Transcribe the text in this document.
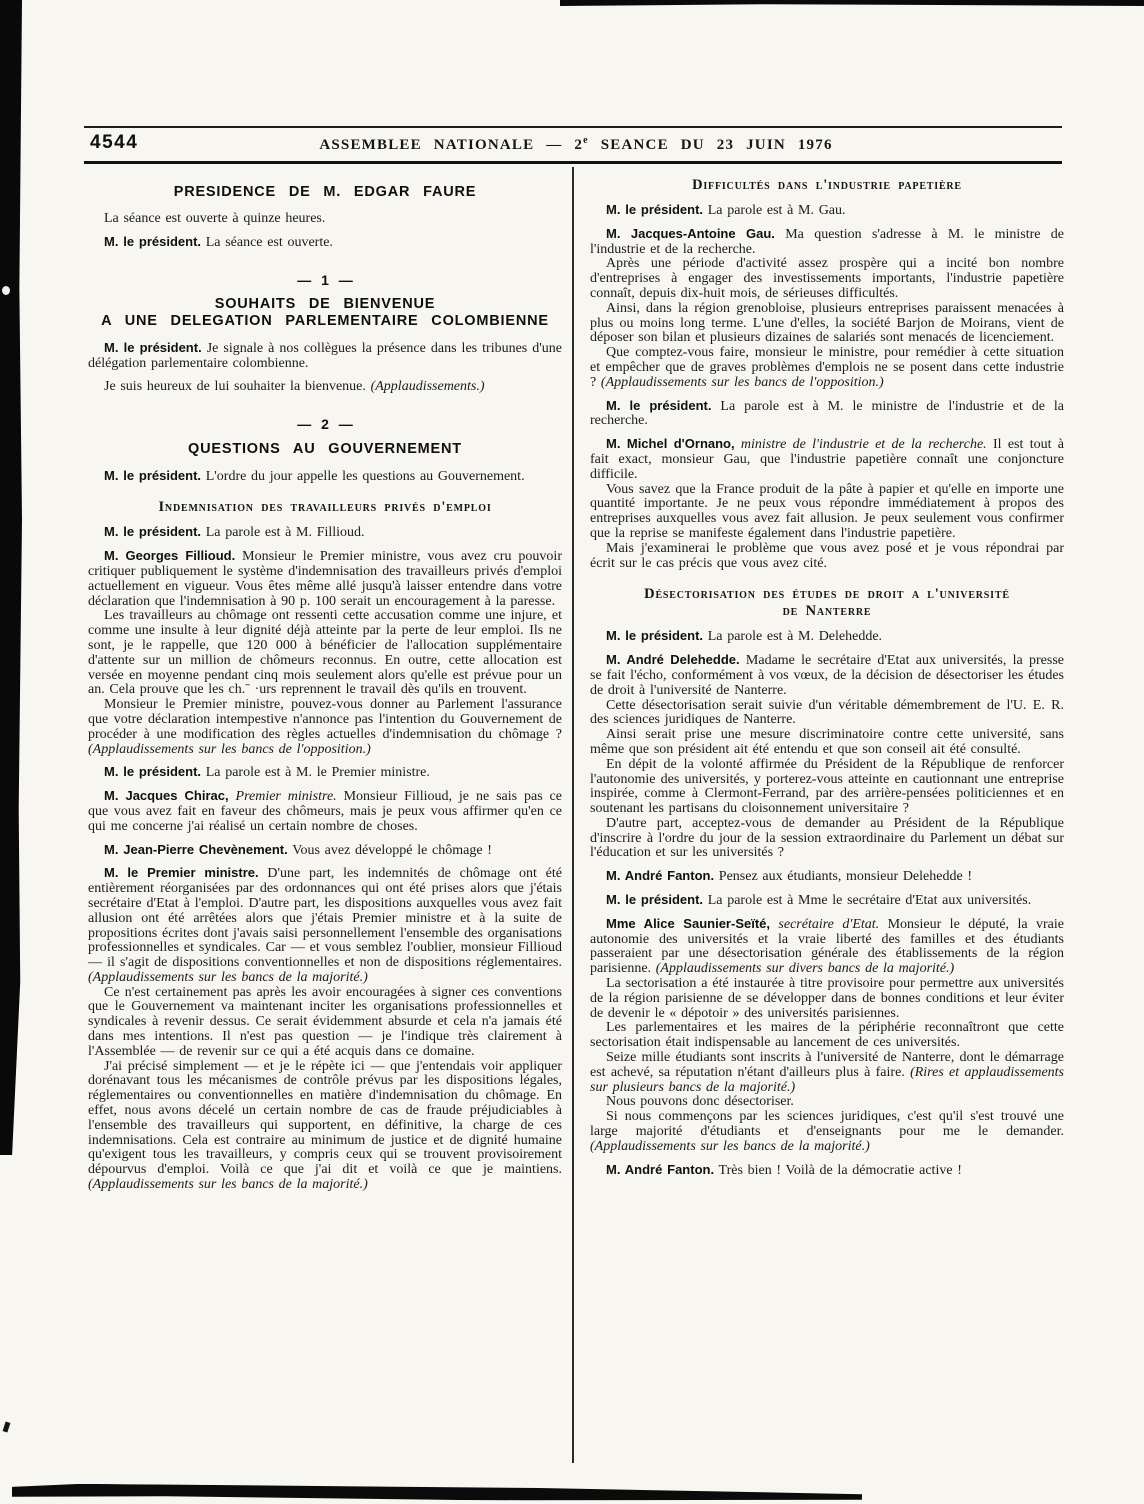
4544	ASSEMBLEE NATIONALE — 2e SEANCE DU 23 JUIN 1976
PRESIDENCE DE M. EDGAR FAURE

La séance est ouverte à quinze heures.

M. le président. La séance est ouverte.

— 1 —
SOUHAITS DE BIENVENUE
A UNE DELEGATION PARLEMENTAIRE COLOMBIENNE

M. le président. Je signale à nos collègues la présence dans les tribunes d'une délégation parlementaire colombienne.

Je suis heureux de lui souhaiter la bienvenue. (Applaudissements.)

— 2 —
QUESTIONS AU GOUVERNEMENT

M. le président. L'ordre du jour appelle les questions au Gouvernement.

Indemnisation des travailleurs privés d'emploi

M. le président. La parole est à M. Fillioud.

M. Georges Fillioud. Monsieur le Premier ministre, vous avez cru pouvoir critiquer publiquement le système d'indemnisation des travailleurs privés d'emploi actuellement en vigueur. Vous êtes même allé jusqu'à laisser entendre dans votre déclaration que l'indemnisation à 90 p. 100 serait un encouragement à la paresse.

Les travailleurs au chômage ont ressenti cette accusation comme une injure, et comme une insulte à leur dignité déjà atteinte par la perte de leur emploi. Ils ne sont, je le rappelle, que 120 000 à bénéficier de l'allocation supplémentaire d'attente sur un million de chômeurs reconnus. En outre, cette allocation est versée en moyenne pendant cinq mois seulement alors qu'elle est prévue pour un an. Cela prouve que les ch.ˉ ·urs reprennent le travail dès qu'ils en trouvent.

Monsieur le Premier ministre, pouvez-vous donner au Parlement l'assurance que votre déclaration intempestive n'annonce pas l'intention du Gouvernement de procéder à une modification des règles actuelles d'indemnisation du chômage ? (Applaudissements sur les bancs de l'opposition.)

M. le président. La parole est à M. le Premier ministre.

M. Jacques Chirac, Premier ministre. Monsieur Fillioud, je ne sais pas ce que vous avez fait en faveur des chômeurs, mais je peux vous affirmer qu'en ce qui me concerne j'ai réalisé un certain nombre de choses.

M. Jean-Pierre Chevènement. Vous avez développé le chômage !

M. le Premier ministre. D'une part, les indemnités de chômage ont été entièrement réorganisées par des ordonnances qui ont été prises alors que j'étais secrétaire d'Etat à l'emploi. D'autre part, les dispositions auxquelles vous avez fait allusion ont été arrêtées alors que j'étais Premier ministre et à la suite de propositions écrites dont j'avais saisi personnellement l'ensemble des organisations professionnelles et syndicales. Car — et vous semblez l'oublier, monsieur Fillioud — il s'agit de dispositions conventionnelles et non de dispositions réglementaires. (Applaudissements sur les bancs de la majorité.)

Ce n'est certainement pas après les avoir encouragées à signer ces conventions que le Gouvernement va maintenant inciter les organisations professionnelles et syndicales à revenir dessus. Ce serait évidemment absurde et cela n'a jamais été dans mes intentions. Il n'est pas question — je l'indique très clairement à l'Assemblée — de revenir sur ce qui a été acquis dans ce domaine.

J'ai précisé simplement — et je le répète ici — que j'entendais voir appliquer dorénavant tous les mécanismes de contrôle prévus par les dispositions légales, réglementaires ou conventionnelles en matière d'indemnisation du chômage. En effet, nous avons décelé un certain nombre de cas de fraude préjudiciables à l'ensemble des travailleurs qui supportent, en définitive, la charge de ces indemnisations. Cela est contraire au minimum de justice et de dignité humaine qu'exigent tous les travailleurs, y compris ceux qui se trouvent provisoirement dépourvus d'emploi. Voilà ce que j'ai dit et voilà ce que je maintiens. (Applaudissements sur les bancs de la majorité.)

Difficultés dans l'industrie papetière

M. le président. La parole est à M. Gau.

M. Jacques-Antoine Gau. Ma question s'adresse à M. le ministre de l'industrie et de la recherche.

Après une période d'activité assez prospère qui a incité bon nombre d'entreprises à engager des investissements importants, l'industrie papetière connaît, depuis dix-huit mois, de sérieuses difficultés.

Ainsi, dans la région grenobloise, plusieurs entreprises paraissent menacées à plus ou moins long terme. L'une d'elles, la société Barjon de Moirans, vient de déposer son bilan et plusieurs dizaines de salariés sont menacés de licenciement.

Que comptez-vous faire, monsieur le ministre, pour remédier à cette situation et empêcher que de graves problèmes d'emplois ne se posent dans cette industrie ? (Applaudissements sur les bancs de l'opposition.)

M. le président. La parole est à M. le ministre de l'industrie et de la recherche.

M. Michel d'Ornano, ministre de l'industrie et de la recherche. Il est tout à fait exact, monsieur Gau, que l'industrie papetière connaît une conjoncture difficile.

Vous savez que la France produit de la pâte à papier et qu'elle en importe une quantité importante. Je ne peux vous répondre immédiatement à propos des entreprises auxquelles vous avez fait allusion. Je peux seulement vous confirmer que la reprise se manifeste également dans l'industrie papetière.

Mais j'examinerai le problème que vous avez posé et je vous répondrai par écrit sur le cas précis que vous avez cité.

Désectorisation des études de droit a l'université
de Nanterre

M. le président. La parole est à M. Delehedde.

M. André Delehedde. Madame le secrétaire d'Etat aux universités, la presse se fait l'écho, conformément à vos vœux, de la décision de désectoriser les études de droit à l'université de Nanterre.

Cette désectorisation serait suivie d'un véritable démembrement de l'U. E. R. des sciences juridiques de Nanterre.

Ainsi serait prise une mesure discriminatoire contre cette université, sans même que son président ait été entendu et que son conseil ait été consulté.

En dépit de la volonté affirmée du Président de la République de renforcer l'autonomie des universités, y porterez-vous atteinte en cautionnant une entreprise inspirée, comme à Clermont-Ferrand, par des arrière-pensées politiciennes et en soutenant les partisans du cloisonnement universitaire ?

D'autre part, acceptez-vous de demander au Président de la République d'inscrire à l'ordre du jour de la session extraordinaire du Parlement un débat sur l'éducation et sur les universités ?

M. André Fanton. Pensez aux étudiants, monsieur Delehedde !

M. le président. La parole est à Mme le secrétaire d'Etat aux universités.

Mme Alice Saunier-Seïté, secrétaire d'Etat. Monsieur le député, la vraie autonomie des universités et la vraie liberté des familles et des étudiants passeraient par une désectorisation générale des établissements de la région parisienne. (Applaudissements sur divers bancs de la majorité.)

La sectorisation a été instaurée à titre provisoire pour permettre aux universités de la région parisienne de se développer dans de bonnes conditions et leur éviter de devenir le « dépotoir » des universités parisiennes.

Les parlementaires et les maires de la périphérie reconnaîtront que cette sectorisation était indispensable au lancement de ces universités.

Seize mille étudiants sont inscrits à l'université de Nanterre, dont le démarrage est achevé, sa réputation n'étant d'ailleurs plus à faire. (Rires et applaudissements sur plusieurs bancs de la majorité.)

Nous pouvons donc désectoriser.

Si nous commençons par les sciences juridiques, c'est qu'il s'est trouvé une large majorité d'étudiants et d'enseignants pour me le demander. (Applaudissements sur les bancs de la majorité.)

M. André Fanton. Très bien ! Voilà de la démocratie active !
